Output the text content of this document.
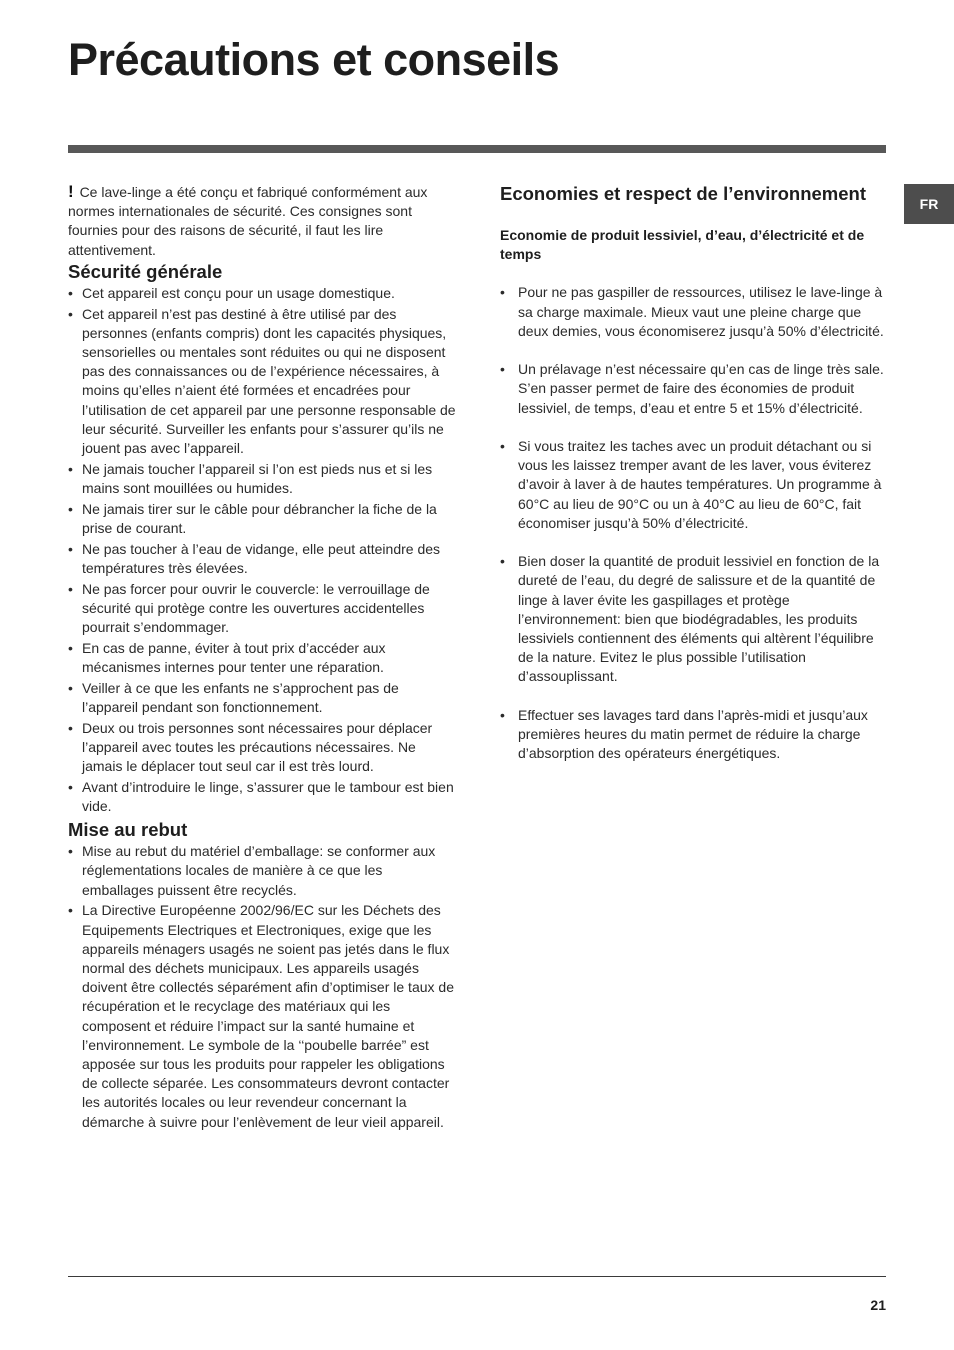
Précautions et conseils
FR

! Ce lave-linge a été conçu et fabriqué conformément aux normes internationales de sécurité. Ces consignes sont fournies pour des raisons de sécurité, il faut les lire attentivement.

Sécurité générale
• Cet appareil est conçu pour un usage domestique.
• Cet appareil n’est pas destiné à être utilisé par des personnes (enfants compris) dont les capacités physiques, sensorielles ou mentales sont réduites ou qui ne disposent pas des connaissances ou de l’expérience nécessaires, à moins qu’elles n’aient été formées et encadrées pour l’utilisation de cet appareil par une personne responsable de leur sécurité. Surveiller les enfants pour s’assurer qu’ils ne jouent pas avec l’appareil.
• Ne jamais toucher l’appareil si l’on est pieds nus et si les mains sont mouillées ou humides.
• Ne jamais tirer sur le câble pour débrancher la fiche de la prise de courant.
• Ne pas toucher à l’eau de vidange, elle peut atteindre des températures très élevées.
• Ne pas forcer pour ouvrir le couvercle: le verrouillage de sécurité qui protège contre les ouvertures accidentelles pourrait s’endommager.
• En cas de panne, éviter à tout prix d’accéder aux mécanismes internes pour tenter une réparation.
• Veiller à ce que les enfants ne s’approchent pas de l’appareil pendant son fonctionnement.
• Deux ou trois personnes sont nécessaires pour déplacer l’appareil avec toutes les précautions nécessaires. Ne jamais le déplacer tout seul car il est très lourd.
• Avant d’introduire le linge, s’assurer que le tambour est bien vide.
Mise au rebut
• Mise au rebut du matériel d’emballage: se conformer aux réglementations locales de manière à ce que les emballages puissent être recyclés.
• La Directive Européenne 2002/96/EC sur les Déchets des Equipements Electriques et Electroniques, exige que les appareils ménagers usagés ne soient pas jetés dans le flux normal des déchets municipaux. Les appareils usagés doivent être collectés séparément afin d’optimiser le taux de récupération et le recyclage des matériaux qui les composent et réduire l’impact sur la santé humaine et l’environnement. Le symbole de la ‘‘poubelle barrée” est apposée sur tous les produits pour rappeler les obligations de collecte séparée. Les consommateurs devront contacter les autorités locales ou leur revendeur concernant la démarche à suivre pour l’enlèvement de leur vieil appareil.
Economies et respect de l’environnement
Economie de produit lessiviel, d’eau, d’électricité et de temps
• Pour ne pas gaspiller de ressources, utilisez le lave-linge à sa charge maximale. Mieux vaut une pleine charge que deux demies, vous économiserez jusqu’à 50% d’électricité.
• Un prélavage n’est nécessaire qu’en cas de linge très sale. S’en passer permet de faire des économies de produit lessiviel, de temps, d’eau et entre 5 et 15% d’électricité.
• Si vous traitez les taches avec un produit détachant ou si vous les laissez tremper avant de les laver, vous éviterez d’avoir à laver à de hautes températures. Un programme à 60°C au lieu de 90°C ou un à 40°C au lieu de 60°C, fait économiser jusqu’à 50% d’électricité.
• Bien doser la quantité de produit lessiviel en fonction de la dureté de l’eau, du degré de salissure et de la quantité de linge à laver évite les gaspillages et protège l’environnement: bien que biodégradables, les produits lessiviels contiennent des éléments qui altèrent l’équilibre de la nature. Evitez le plus possible l’utilisation d’assouplissant.
• Effectuer ses lavages tard dans l’après-midi et jusqu’aux premières heures du matin permet de réduire la charge d’absorption des opérateurs énergétiques.
21
